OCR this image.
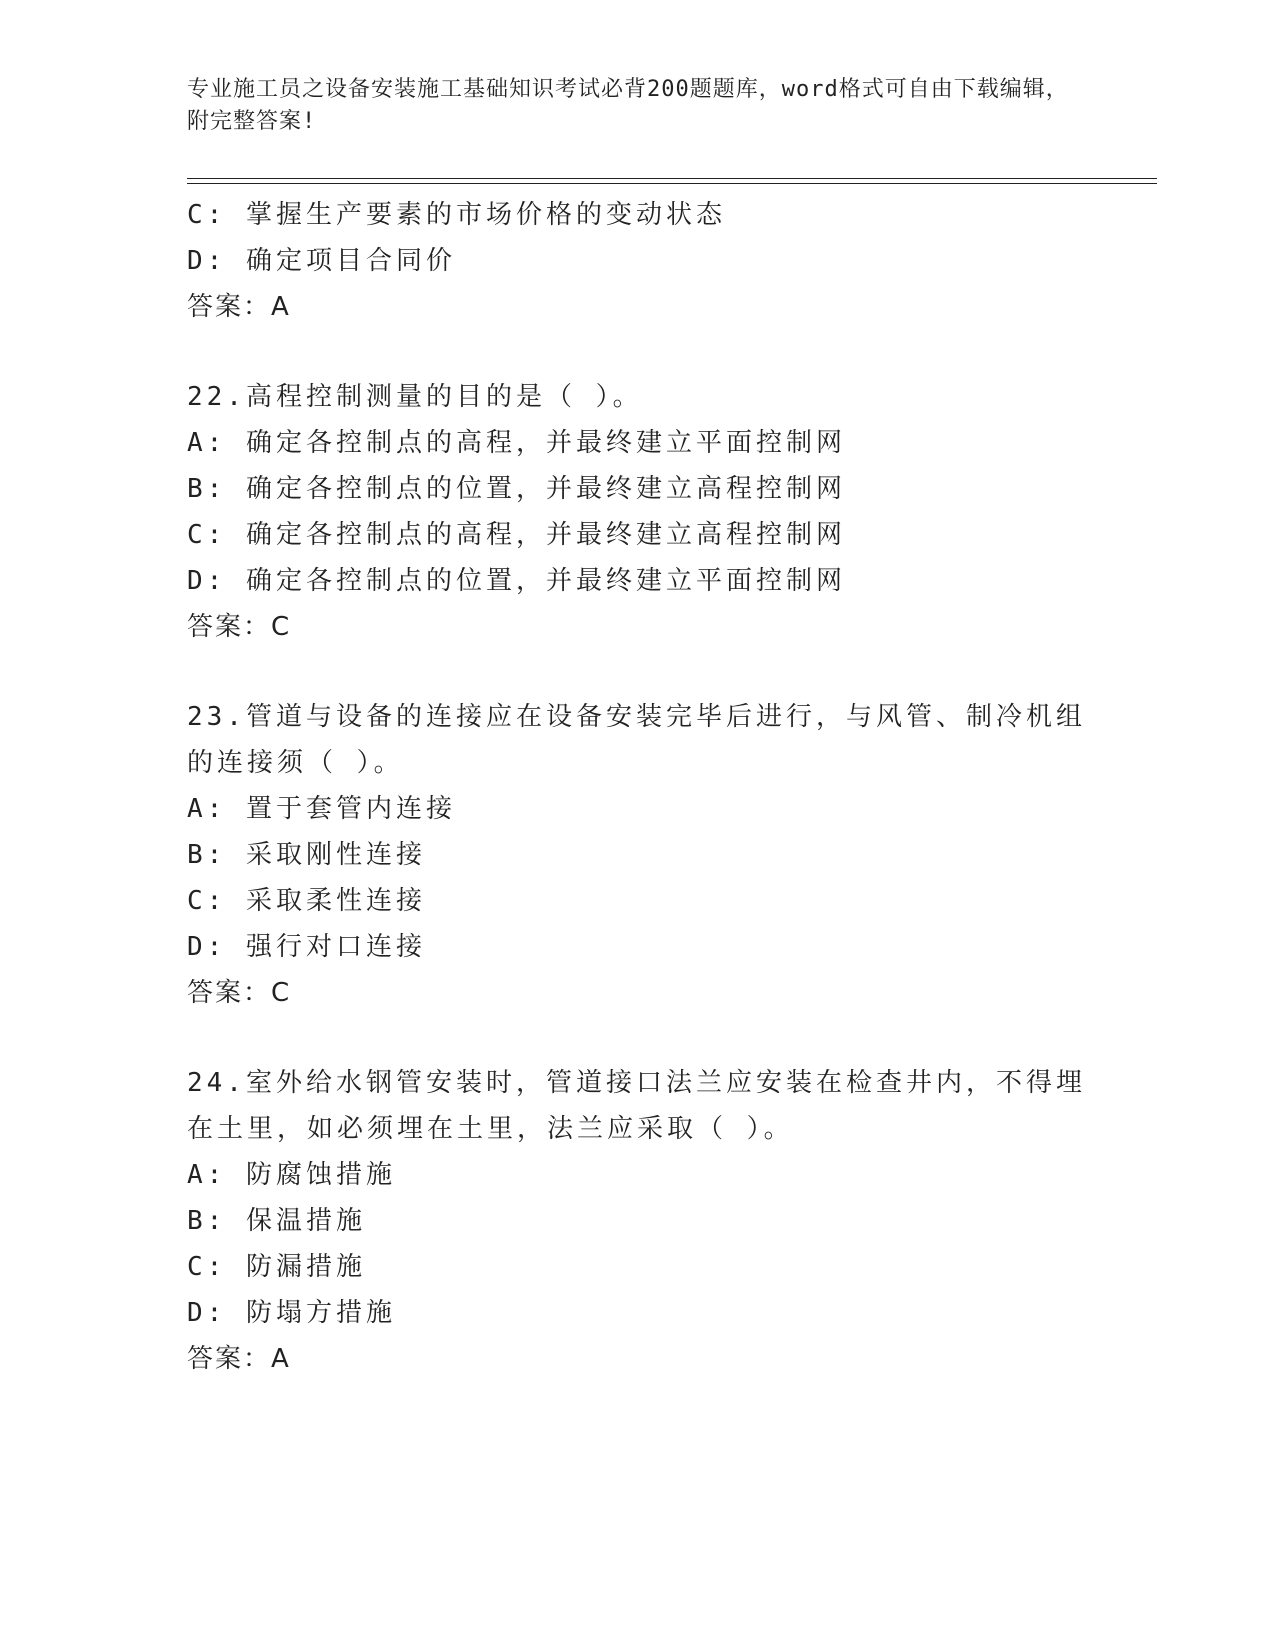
专业施工员之设备安装施工基础知识考试必背200题题库，word格式可自由下载编辑，附完整答案!
C: 掌握生产要素的市场价格的变动状态
D: 确定项目合同价
答案：A
22.高程控制测量的目的是（ ）。
A: 确定各控制点的高程，并最终建立平面控制网
B: 确定各控制点的位置，并最终建立高程控制网
C: 确定各控制点的高程，并最终建立高程控制网
D: 确定各控制点的位置，并最终建立平面控制网
答案：C
23.管道与设备的连接应在设备安装完毕后进行，与风管、制冷机组的连接须（ ）。
A: 置于套管内连接
B: 采取刚性连接
C: 采取柔性连接
D: 强行对口连接
答案：C
24.室外给水钢管安装时，管道接口法兰应安装在检查井内，不得埋在土里，如必须埋在土里，法兰应采取（ ）。
A: 防腐蚀措施
B: 保温措施
C: 防漏措施
D: 防塌方措施
答案：A
